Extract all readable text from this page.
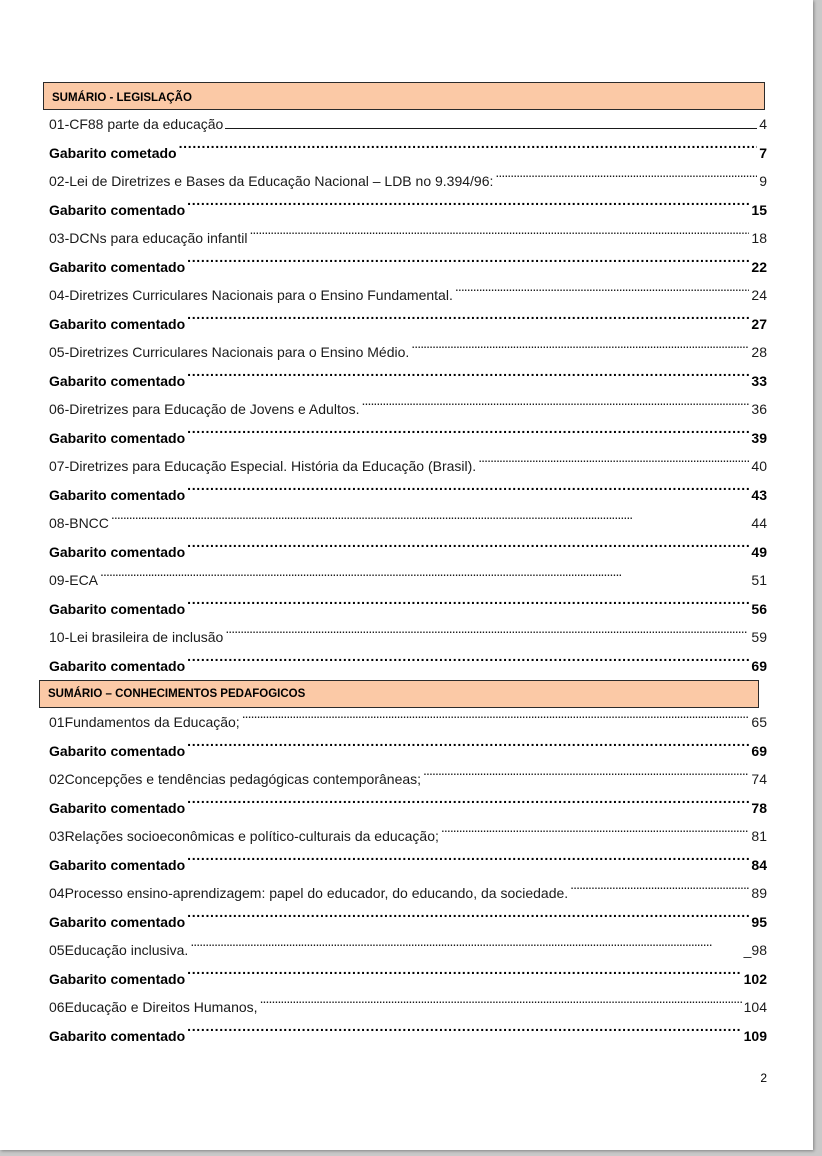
SUMÁRIO - LEGISLAÇÃO
01-CF88 parte da educação	4
Gabarito cometado . . .	7
02-Lei de Diretrizes e Bases da Educação Nacional – LDB no 9.394/96: . . .	9
Gabarito comentado . . .	15
03-DCNs para educação infantil . . .	18
Gabarito comentado . . .	22
04-Diretrizes Curriculares Nacionais para o Ensino Fundamental. . . .	24
Gabarito comentado . . .	27
05-Diretrizes Curriculares Nacionais para o Ensino Médio. . . .	28
Gabarito comentado . . .	33
06-Diretrizes para Educação de Jovens e Adultos. . . .	36
Gabarito comentado . . .	39
07-Diretrizes para Educação Especial. História da Educação (Brasil). . . .	40
Gabarito comentado . . .	43
08-BNCC . . .	44
Gabarito comentado . . .	49
09-ECA . . .	51
Gabarito comentado . . .	56
10-Lei brasileira de inclusão . . .	59
Gabarito comentado . . .	69
SUMÁRIO – CONHECIMENTOS PEDAFOGICOS
01Fundamentos da Educação; . . .	65
Gabarito comentado . . .	69
02Concepções e tendências pedagógicas contemporâneas; . . .	74
Gabarito comentado . . .	78
03Relações socioeconômicas e político-culturais da educação; . . .	81
Gabarito comentado . . .	84
04Processo ensino-aprendizagem: papel do educador, do educando, da sociedade. . . .	89
Gabarito comentado . . .	95
05Educação inclusiva. . . .	_98
Gabarito comentado . . .	102
06Educação e Direitos Humanos, . . .	104
Gabarito comentado . . .	109
2
